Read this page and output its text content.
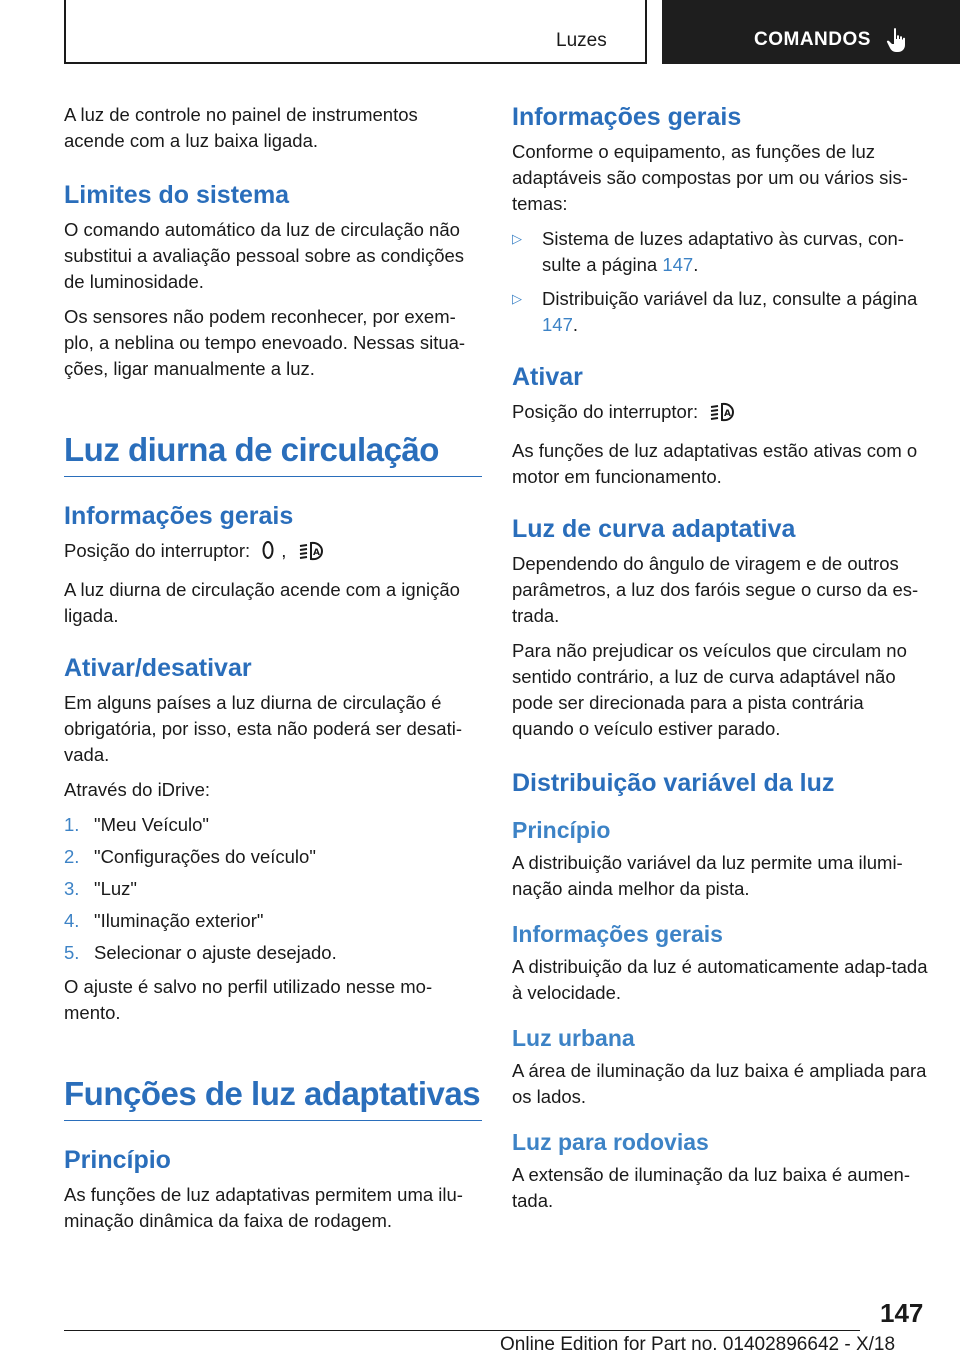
Luzes	COMANDOS

A luz de controle no painel de instrumentos acende com a luz baixa ligada.

Limites do sistema

O comando automático da luz de circulação não substitui a avaliação pessoal sobre as condições de luminosidade.

Os sensores não podem reconhecer, por exem‐plo, a neblina ou tempo enevoado. Nessas situa‐ções, ligar manualmente a luz.

Luz diurna de circulação
Informações gerais

Posição do interruptor: ,	A

A luz diurna de circulação acende com a ignição ligada.

Ativar/desativar

Em alguns países a luz diurna de circulação é obrigatória, por isso, esta não poderá ser desati‐vada.

Através do iDrive:

1. "Meu Veículo"
2. "Configurações do veículo"
3. "Luz"
4. "Iluminação exterior"
5. Selecionar o ajuste desejado.

O ajuste é salvo no perfil utilizado nesse mo‐mento.

Funções de luz adaptativas
Princípio

As funções de luz adaptativas permitem uma ilu‐minação dinâmica da faixa de rodagem.

Informações gerais

Conforme o equipamento, as funções de luz adaptáveis são compostas por um ou vários sis‐temas:

▷ Sistema de luzes adaptativo às curvas, con‐sulte a página 147.
▷ Distribuição variável da luz, consulte a página 147.
Ativar

Posição do interruptor:	A

As funções de luz adaptativas estão ativas com o motor em funcionamento.

Luz de curva adaptativa

Dependendo do ângulo de viragem e de outros parâmetros, a luz dos faróis segue o curso da es‐trada.

Para não prejudicar os veículos que circulam no sentido contrário, a luz de curva adaptável não pode ser direcionada para a pista contrária quando o veículo estiver parado.

Distribuição variável da luz
Princípio

A distribuição variável da luz permite uma ilumi‐nação ainda melhor da pista.

Informações gerais

A distribuição da luz é automaticamente adap‐tada à velocidade.

Luz urbana

A área de iluminação da luz baixa é ampliada para os lados.

Luz para rodovias

A extensão de iluminação da luz baixa é aumen‐tada.

147
Online Edition for Part no. 01402896642 - X/18
